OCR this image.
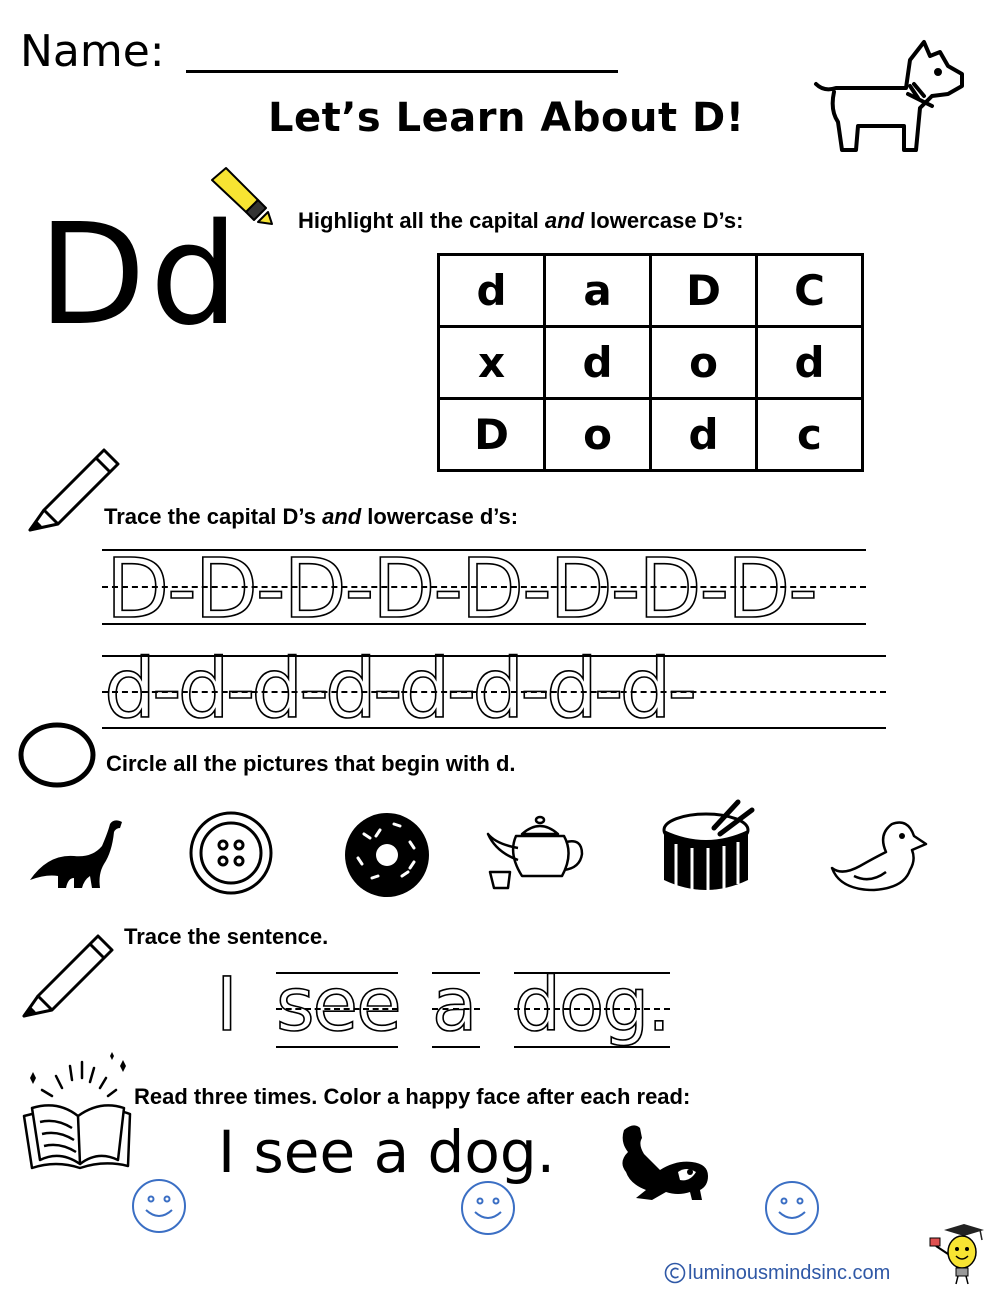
Name:
Let’s Learn About D!
Dd	Highlight all the capital and lowercase D’s:
d	a	D	C
x	d	o	d
D	o	d	c
Trace the capital D’s and lowercase d’s:
D-D-D-D-D-D-D-D-
d-d-d-d-d-d-d-d-
Circle all the pictures that begin with d.
Trace the sentence.
I see a dog.
Read three times. Color a happy face after each read:
I see a dog.
luminousmindsinc.com
